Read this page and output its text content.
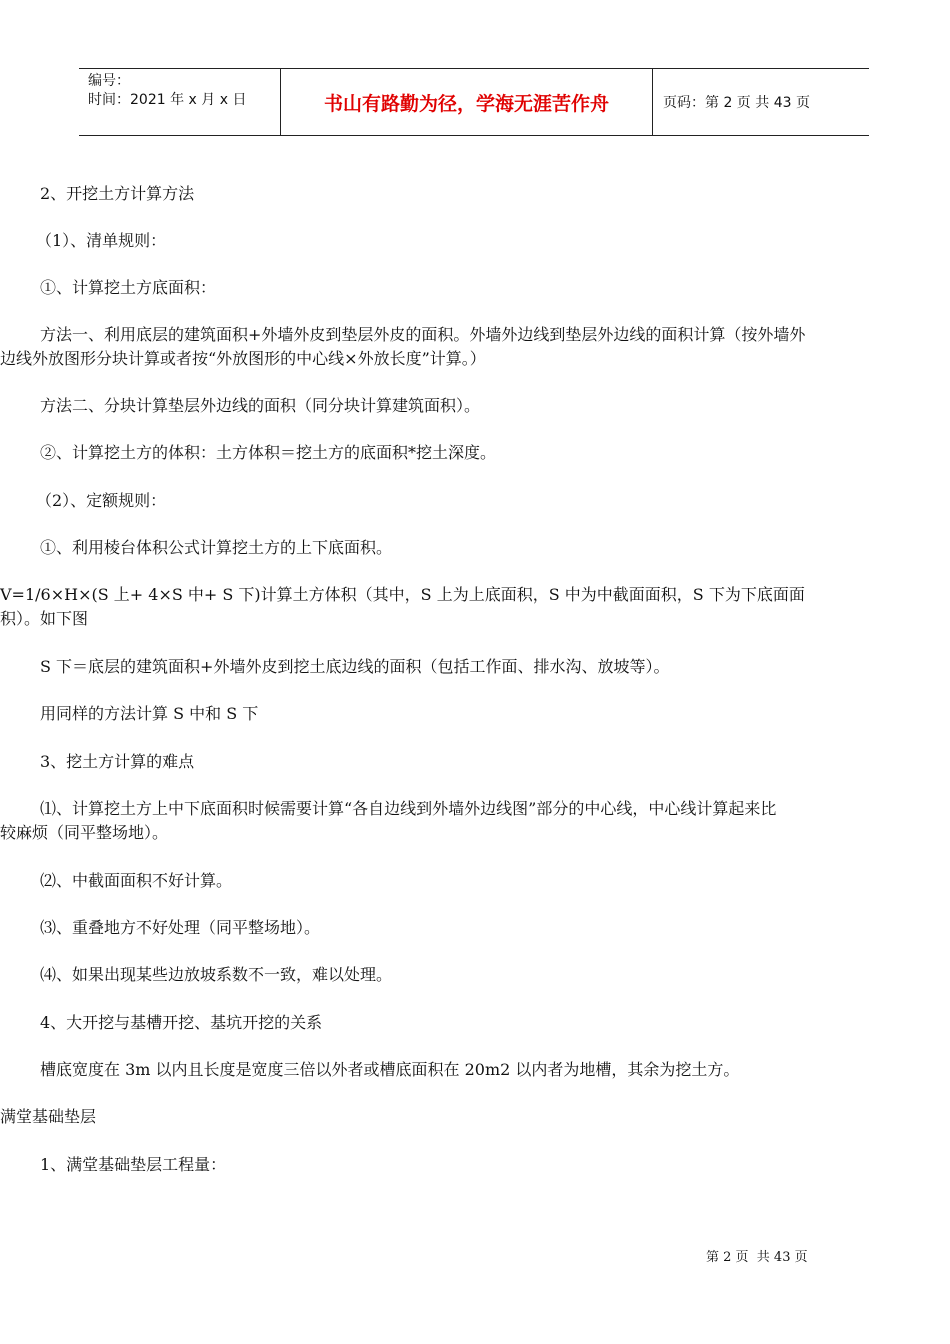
编号：
时间：2021 年 x 月 x 日	书山有路勤为径，学海无涯苦作舟	页码：第 2 页 共 43 页
2、开挖土方计算方法
（1）、清单规则：
①、计算挖土方底面积：
方法一、利用底层的建筑面积+外墙外皮到垫层外皮的面积。外墙外边线到垫层外边线的面积计算（按外墙外
边线外放图形分块计算或者按“外放图形的中心线×外放长度”计算。）
方法二、分块计算垫层外边线的面积（同分块计算建筑面积）。
②、计算挖土方的体积：土方体积＝挖土方的底面积*挖土深度。
（2）、定额规则：
①、利用棱台体积公式计算挖土方的上下底面积。
V=1/6×H×(S 上+ 4×S 中+ S 下)计算土方体积（其中，S 上为上底面积，S 中为中截面面积，S 下为下底面面
积）。如下图
S 下＝底层的建筑面积+外墙外皮到挖土底边线的面积（包括工作面、排水沟、放坡等）。
用同样的方法计算 S 中和 S 下
3、挖土方计算的难点
⑴、计算挖土方上中下底面积时候需要计算“各自边线到外墙外边线图”部分的中心线，中心线计算起来比
较麻烦（同平整场地）。
⑵、中截面面积不好计算。
⑶、重叠地方不好处理（同平整场地）。
⑷、如果出现某些边放坡系数不一致，难以处理。
4、大开挖与基槽开挖、基坑开挖的关系
槽底宽度在 3m 以内且长度是宽度三倍以外者或槽底面积在 20m2 以内者为地槽，其余为挖土方。
满堂基础垫层
1、满堂基础垫层工程量：
第 2 页  共 43 页
